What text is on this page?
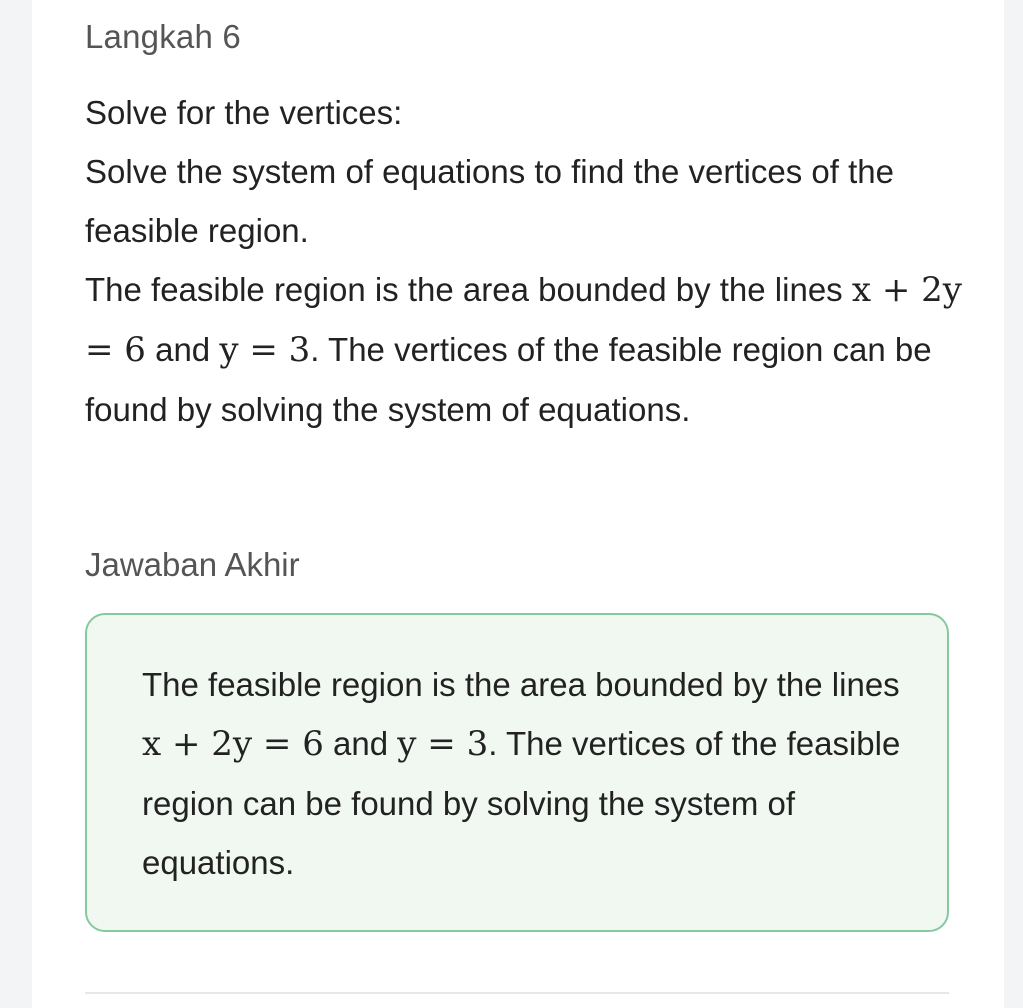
Langkah 6

Solve for the vertices:

Solve the system of equations to find the vertices of the feasible region.

The feasible region is the area bounded by the lines x + 2y = 6 and y = 3. The vertices of the feasible region can be found by solving the system of equations.

Jawaban Akhir

The feasible region is the area bounded by the lines x + 2y = 6 and y = 3. The vertices of the feasible region can be found by solving the system of equations.
